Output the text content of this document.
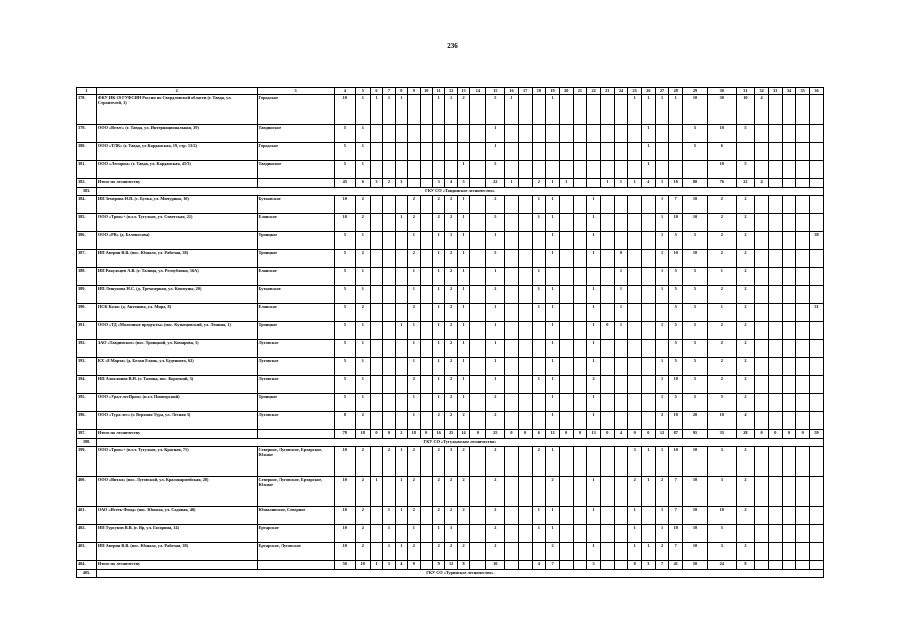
236
1	2	3	4	5	6	7	8	9	10	11	12	13	14	15	16	17	18	19	20	21	22	23	24	25	26	27	28	29	30	31	32	33	34	35	36
378.	ФКУ ИК-19 ГУФСИН России по Свердловской области (г. Тавда, ул. Строителей, 1)	Городское	10	1	1	1	1			1	1	2		5	1			1						1	1	1	1	10	30	10	4				
379.	ООО «Велес» (г. Тавда, ул. Интернациональная, 39)	Тавдинское	5	1										1											1			5	10	5					
380.	ООО «ТЛК» (г. Тавда, ул Карданская, 19, стр. 13/2)	Городское	5	1										1											1			5	6						
381.	ООО «Леспром» (г. Тавда, ул. Карданская, 45/3)	Тавдинское	5	1								1		5											1				10	5					
382.	Итого по лесничеству		45	6	3	2	3			3	4	5		22	1		2	1	1			1	1	1	4	1	16	80	76	22	4				
383.	ГКУ СО «Тавдинское лесничество»																																		
384.	ИП Земерова Н.П. (с. Бутка, ул. Мичурина, 10)	Бутковское	10	2				2		2	2	1		2			1	1			1					1	7	10	2	2					
385.	ООО «Трио»+ (п.г.т. Тугулым, ул. Советская, 21)	Еланское	10	2			1	2		2	2	1		5			1	1			1					1	10	10	2	2					
386.	ООО «РВ» (д. Белоносова)	Троицкое	5	1				1		1	1	1		1				1			1					1	5	5	2	2					38
387.	ИП Аверин В.В. (пос. Юшала, ул. Рабочая, 38)	Троицкое	5	2				2		1	2	1		5				1			1		0			1	10	10	2	2					
388.	ИП Ракульцев А.В. (г. Талица, ул. Республики, 16А)	Еланское	5	1				1		1	2	1		1			1						1			1	5	5	1	2					
389.	ИП Лешукова Н.С. (д. Трехозерная, ул. Коммуны, 20)	Бутковское	5	1				1		1	2	1		2			1	1			1		1			1	5	5	2	2					
390.	ПСК Колос (д. Антонова, ул. Мира, 8)	Еланское	5	2				2		1	2	1		1			1	1			1		1				5	5	1	2					31
391.	ООО «ТД «Молочные продукты» (пос. Кузнецовский, ул. Ленина, 1)	Троицкое	5	1			1	1		1	2	1		1				1			1	0	1			1	5	5	2	2					
392.	ЗАО «Тавдинское» (пос. Троицкий, ул. Комарова, 1)	Луговское	5	1				1		1	2	1		1				1			1						5	5	2	2					
393.	КХ «8 Марта» (д. Белая Елань, ул. Буденного, 62)	Луговское	5	1				1		1	2	1		1				1			1					1	5	5	2	2					
394.	ИП Алоклинов В.Н. (г. Талица, пос. Короткий, 3)	Луговское	5	1				2		1	2	1		1			1	1			2					1	10	5	2	2					
395.	ООО «Урал-лесПром» (п.г.т. Пионерский)	Троицкое	5	1				1		1	2	1		2				1			1					1	5	5	5	2					
396.	ООО «Тура лес» (г. Верхняя Тура, ул. Лесная 3)	Луговское	8	2				1		2	2	2		2				1			1					2	10	20	10	4					
397.	Итого по лесничеству		78	18	0	0	2	18	0	16	25	14	0	25	0	0	6	12	0	0	13	0	4	0	0	12	87	95	35	28	0	0	0	0	59
398.	ГКУ СО «Тугулымское лесничество»																																		
399.	ООО «Трио»+ (п.г.т. Тугулым, ул. Красная, 71)	Северное, Луговское, Ертарское, Южное	10	2		2	1	2		2	3	2		2			2	1						3	1	1	10	10	3	2					
400.	ООО «Витал» (пос. Луговской, ул. Красноармейская, 28)	Северное, Луговское, Ертарское, Южное	10	2	1		1	2		2	2	2		2				2			1			2	1	2	7	10	3	2					
401.	ОАО «Исеть-Фонд» (пос. Юшала, ул. Садовая, 40)	Юшалинское, Северное	10	2		1	1	2		2	2	2		2			1	1			1			1		1	7	10	10	2					
402.	ИП Турсунов В.В. (г. Яр, ул. Гагарина, 14)	Ертарское	10	2		1		1		1	3			2			1	1						1		1	10	10	5						
403.	ИП Аверин В.В. (пос. Юшала, ул. Рабочая, 38)	Ертарское, Луговское	10	2		1	1	2		2	2	2		2				2			1			1	1	2	7	10	3	2					
404.	Итого по лесничеству		50	10	1	5	4	9		9	12	8		10			4	7			3			8	3	7	41	50	24	8					
405.	ГКУ СО «Туринское лесничество»																																		
